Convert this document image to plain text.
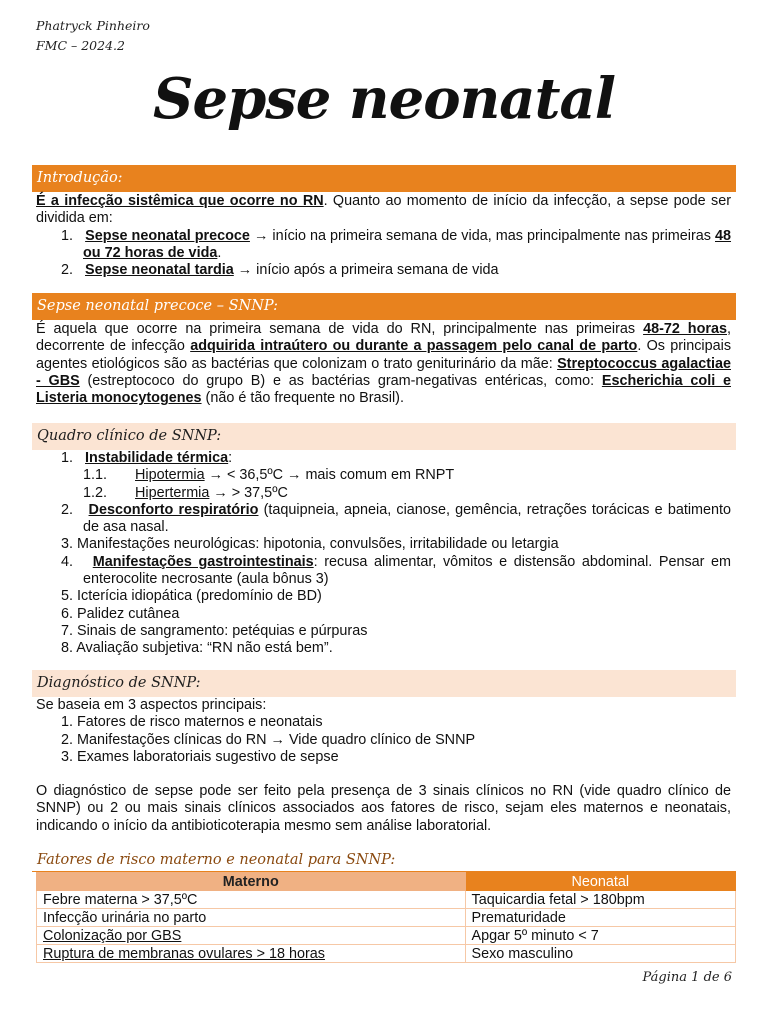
Phatryck Pinheiro
FMC – 2024.2
Sepse neonatal
Introdução:

É a infecção sistêmica que ocorre no RN. Quanto ao momento de início da infecção, a sepse pode ser dividida em:

1. Sepse neonatal precoce → início na primeira semana de vida, mas principalmente nas primeiras 48 ou 72 horas de vida.

2. Sepse neonatal tardia → início após a primeira semana de vida

Sepse neonatal precoce – SNNP:

É aquela que ocorre na primeira semana de vida do RN, principalmente nas primeiras 48-72 horas, decorrente de infecção adquirida intraútero ou durante a passagem pelo canal de parto. Os principais agentes etiológicos são as bactérias que colonizam o trato geniturinário da mãe: Streptococcus agalactiae - GBS (estreptococo do grupo B) e as bactérias gram-negativas entéricas, como: Escherichia coli e Listeria monocytogenes (não é tão frequente no Brasil).

Quadro clínico de SNNP:

1. Instabilidade térmica:

1.1. Hipotermia → < 36,5ºC → mais comum em RNPT

1.2. Hipertermia → > 37,5ºC

2. Desconforto respiratório (taquipneia, apneia, cianose, gemência, retrações torácicas e batimento de asa nasal.

3. Manifestações neurológicas: hipotonia, convulsões, irritabilidade ou letargia

4. Manifestações gastrointestinais: recusa alimentar, vômitos e distensão abdominal. Pensar em enterocolite necrosante (aula bônus 3)

5. Icterícia idiopática (predomínio de BD)

6. Palidez cutânea

7. Sinais de sangramento: petéquias e púrpuras

8. Avaliação subjetiva: “RN não está bem”.

Diagnóstico de SNNP:

Se baseia em 3 aspectos principais:

1. Fatores de risco maternos e neonatais

2. Manifestações clínicas do RN → Vide quadro clínico de SNNP

3. Exames laboratoriais sugestivo de sepse

O diagnóstico de sepse pode ser feito pela presença de 3 sinais clínicos no RN (vide quadro clínico de SNNP) ou 2 ou mais sinais clínicos associados aos fatores de risco, sejam eles maternos e neonatais, indicando o início da antibioticoterapia mesmo sem análise laboratorial.

Fatores de risco materno e neonatal para SNNP:
Materno	Neonatal
Febre materna > 37,5ºC	Taquicardia fetal > 180bpm
Infecção urinária no parto	Prematuridade
Colonização por GBS	Apgar 5º minuto < 7
Ruptura de membranas ovulares > 18 horas	Sexo masculino
Página 1 de 6
